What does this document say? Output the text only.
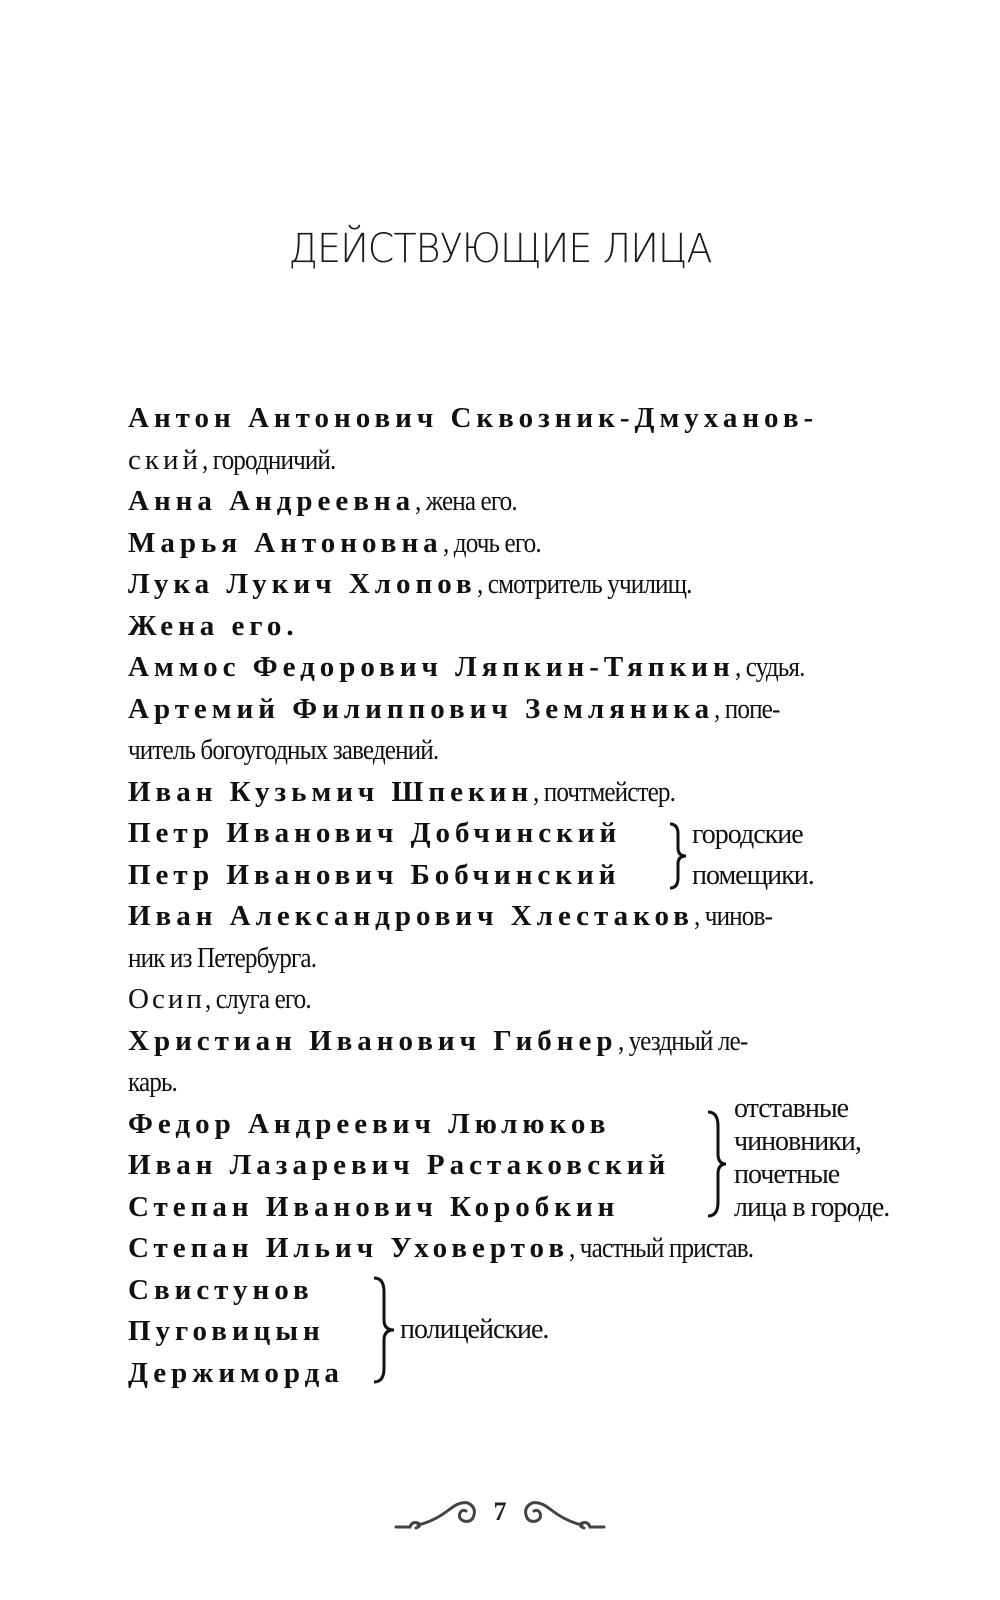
ДЕЙСТВУЮЩИЕ ЛИЦА
Антон Антонович Сквозник-Дмуханов-
ский, городничий.
Анна Андреевна, жена его.
Марья Антоновна, дочь его.
Лука Лукич Хлопов, смотритель училищ.
Жена его.
Аммос Федорович Ляпкин-Тяпкин, судья.
Артемий Филиппович Земляника, попе-
читель богоугодных заведений.
Иван Кузьмич Шпекин, почтмейстер.
Петр Иванович Добчинский
Петр Иванович Бобчинский
Иван Александрович Хлестаков, чинов-
ник из Петербурга.
Осип, слуга его.
Христиан Иванович Гибнер, уездный ле-
карь.
Федор Андреевич Люлюков
Иван Лазаревич Растаковский
Степан Иванович Коробкин
Степан Ильич Уховертов, частный пристав.
Свистунов
Пуговицын
Держиморда
городские
помещики.
отставные
чиновники,
почетные
лица в городе.
полицейские.
7
